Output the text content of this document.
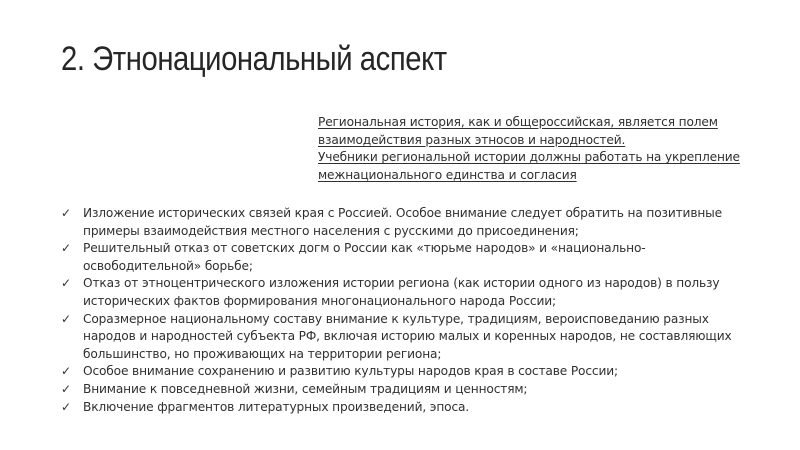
2. Этнонациональный аспект

Региональная история, как и общероссийская, является полем взаимодействия разных этносов и народностей.

Учебники региональной истории должны работать на укрепление межнационального единства и согласия

✓ Изложение исторических связей края с Россией. Особое внимание следует обратить на позитивные примеры взаимодействия местного населения с русскими до присоединения;
✓ Решительный отказ от советских догм о России как «тюрьме народов» и «национально-освободительной» борьбе;
✓ Отказ от этноцентрического изложения истории региона (как истории одного из народов) в пользу исторических фактов формирования многонационального народа России;
✓ Соразмерное национальному составу внимание к культуре, традициям, вероисповеданию разных народов и народностей субъекта РФ, включая историю малых и коренных народов, не составляющих большинство, но проживающих на территории региона;
✓ Особое внимание сохранению и развитию культуры народов края в составе России;
✓ Внимание к повседневной жизни, семейным традициям и ценностям;
✓ Включение фрагментов литературных произведений, эпоса.
